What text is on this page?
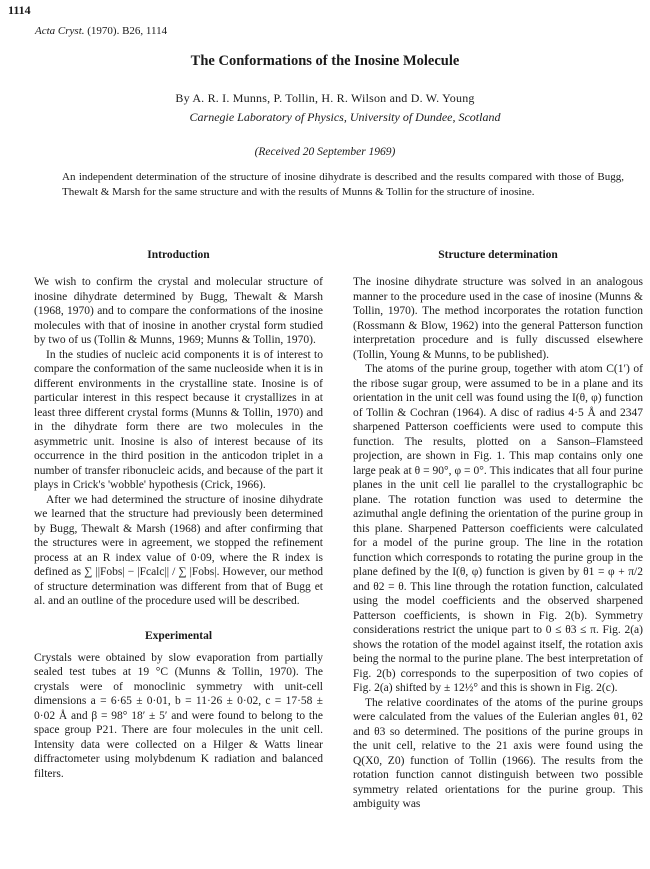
1114
Acta Cryst. (1970). B26, 1114
The Conformations of the Inosine Molecule
By A. R. I. Munns, P. Tollin, H. R. Wilson and D. W. Young
Carnegie Laboratory of Physics, University of Dundee, Scotland
(Received 20 September 1969)
An independent determination of the structure of inosine dihydrate is described and the results compared with those of Bugg, Thewalt & Marsh for the same structure and with the results of Munns & Tollin for the structure of inosine.
Introduction

We wish to confirm the crystal and molecular structure of inosine dihydrate determined by Bugg, Thewalt & Marsh (1968, 1970) and to compare the conformations of the inosine molecules with that of inosine in another crystal form studied by two of us (Tollin & Munns, 1969; Munns & Tollin, 1970).

In the studies of nucleic acid components it is of interest to compare the conformation of the same nucleoside when it is in different environments in the crystalline state. Inosine is of particular interest in this respect because it crystallizes in at least three different crystal forms (Munns & Tollin, 1970) and in the dihydrate form there are two molecules in the asymmetric unit. Inosine is also of interest because of its occurrence in the third position in the anticodon triplet in a number of transfer ribonucleic acids, and because of the part it plays in Crick's 'wobble' hypothesis (Crick, 1966).

After we had determined the structure of inosine dihydrate we learned that the structure had previously been determined by Bugg, Thewalt & Marsh (1968) and after confirming that the structures were in agreement, we stopped the refinement process at an R index value of 0·09, where the R index is defined as ∑ ||Fobs| − |Fcalc|| / ∑ |Fobs|. However, our method of structure determination was different from that of Bugg et al. and an outline of the procedure used will be described.

Experimental

Crystals were obtained by slow evaporation from partially sealed test tubes at 19 °C (Munns & Tollin, 1970). The crystals were of monoclinic symmetry with unit-cell dimensions a = 6·65 ± 0·01, b = 11·26 ± 0·02, c = 17·58 ± 0·02 Å and β = 98° 18′ ± 5′ and were found to belong to the space group P21. There are four molecules in the unit cell. Intensity data were collected on a Hilger & Watts linear diffractometer using molybdenum K radiation and balanced filters.

Structure determination

The inosine dihydrate structure was solved in an analogous manner to the procedure used in the case of inosine (Munns & Tollin, 1970). The method incorporates the rotation function (Rossmann & Blow, 1962) into the general Patterson function interpretation procedure and is fully discussed elsewhere (Tollin, Young & Munns, to be published).

The atoms of the purine group, together with atom C(1′) of the ribose sugar group, were assumed to be in a plane and its orientation in the unit cell was found using the I(θ, φ) function of Tollin & Cochran (1964). A disc of radius 4·5 Å and 2347 sharpened Patterson coefficients were used to compute this function. The results, plotted on a Sanson–Flamsteed projection, are shown in Fig. 1. This map contains only one large peak at θ = 90°, φ = 0°. This indicates that all four purine planes in the unit cell lie parallel to the crystallographic bc plane. The rotation function was used to determine the azimuthal angle defining the orientation of the purine group in this plane. Sharpened Patterson coefficients were calculated for a model of the purine group. The line in the rotation function which corresponds to rotating the purine group in the plane defined by the I(θ, φ) function is given by θ1 = φ + π/2 and θ2 = θ. This line through the rotation function, calculated using the model coefficients and the observed sharpened Patterson coefficients, is shown in Fig. 2(b). Symmetry considerations restrict the unique part to 0 ≤ θ3 ≤ π. Fig. 2(a) shows the rotation of the model against itself, the rotation axis being the normal to the purine plane. The best interpretation of Fig. 2(b) corresponds to the superposition of two copies of Fig. 2(a) shifted by ± 12½° and this is shown in Fig. 2(c).

The relative coordinates of the atoms of the purine groups were calculated from the values of the Eulerian angles θ1, θ2 and θ3 so determined. The positions of the purine groups in the unit cell, relative to the 21 axis were found using the Q(X0, Z0) function of Tollin (1966). The results from the rotation function cannot distinguish between two possible symmetry related orientations for the purine group. This ambiguity was
